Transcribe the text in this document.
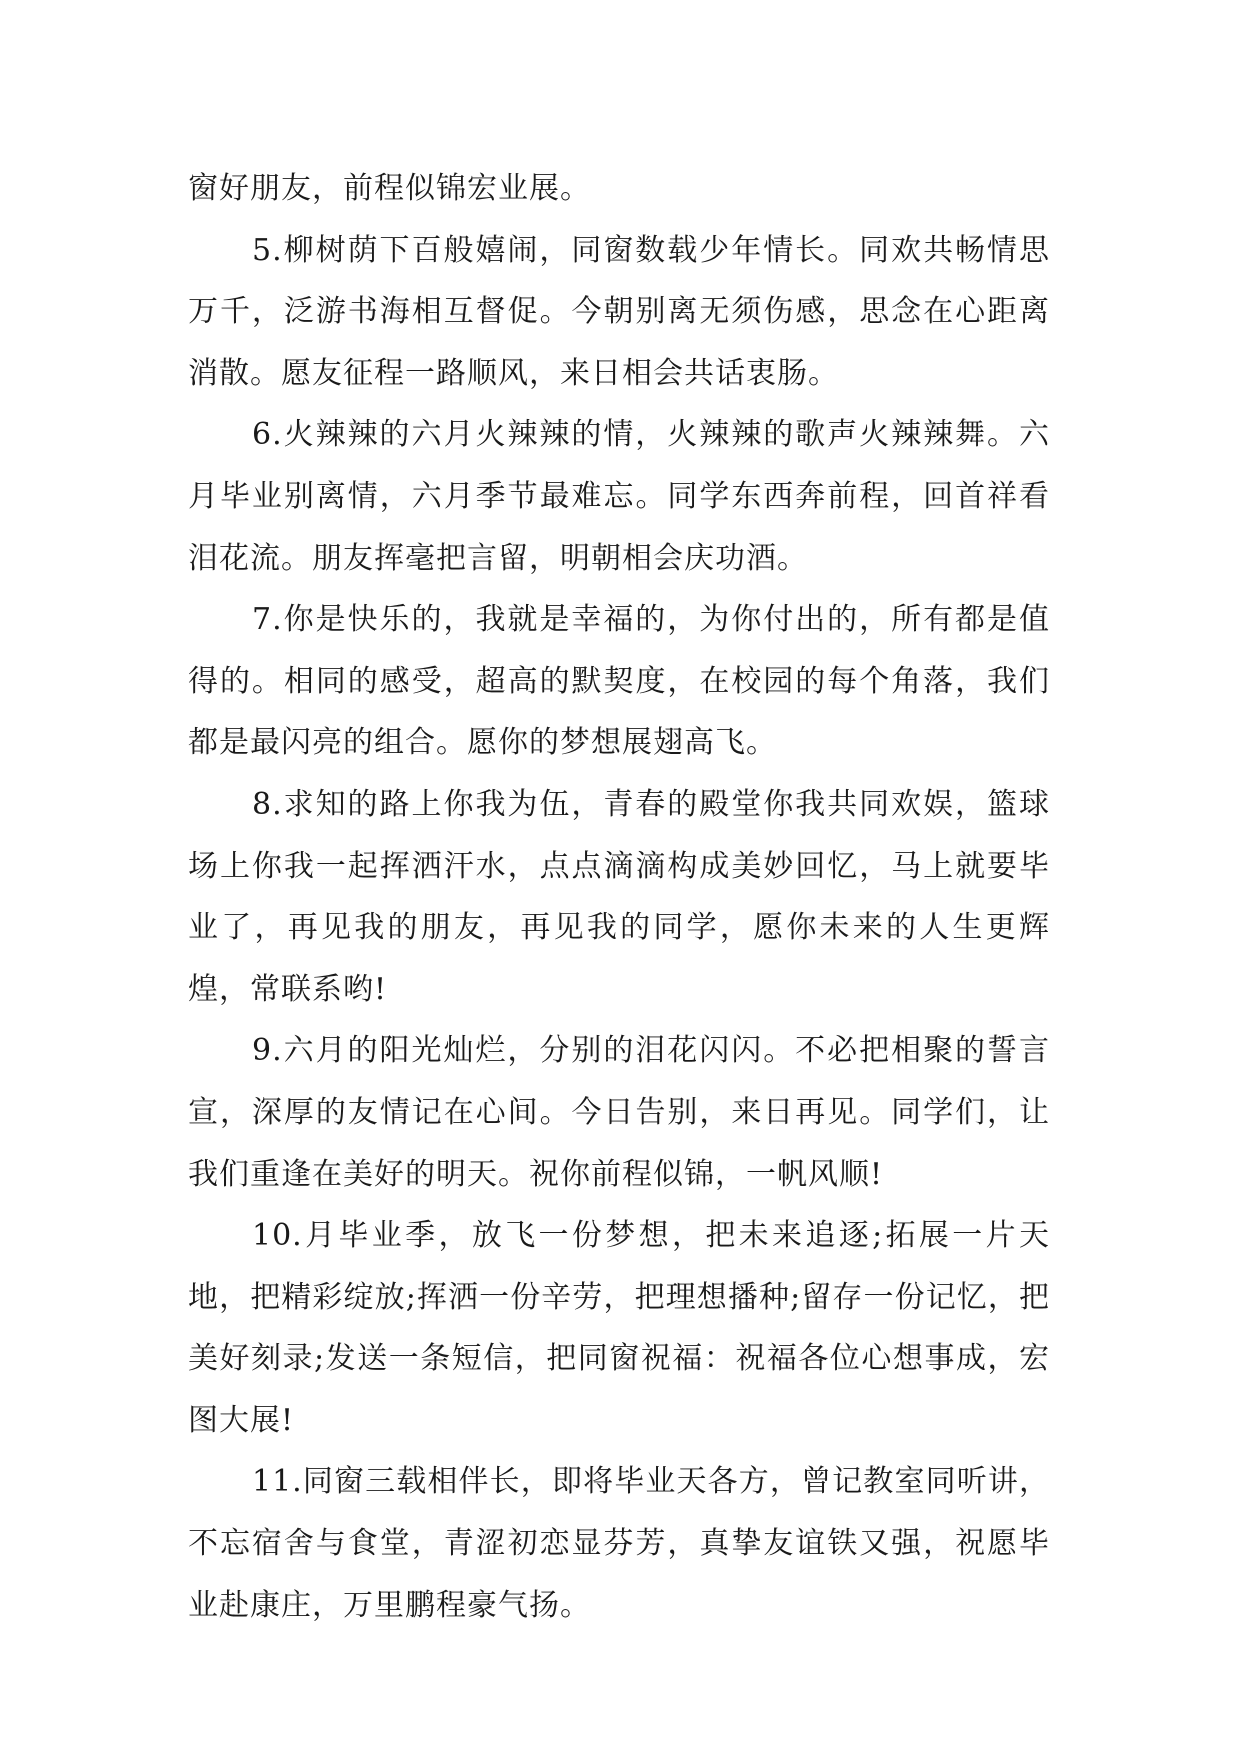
窗好朋友，前程似锦宏业展。

5.柳树荫下百般嬉闹，同窗数载少年情长。同欢共畅情思万千，泛游书海相互督促。今朝别离无须伤感，思念在心距离消散。愿友征程一路顺风，来日相会共话衷肠。

6.火辣辣的六月火辣辣的情，火辣辣的歌声火辣辣舞。六月毕业别离情，六月季节最难忘。同学东西奔前程，回首祥看泪花流。朋友挥毫把言留，明朝相会庆功酒。

7.你是快乐的，我就是幸福的，为你付出的，所有都是值得的。相同的感受，超高的默契度，在校园的每个角落，我们都是最闪亮的组合。愿你的梦想展翅高飞。

8.求知的路上你我为伍，青春的殿堂你我共同欢娱，篮球场上你我一起挥洒汗水，点点滴滴构成美妙回忆，马上就要毕业了，再见我的朋友，再见我的同学，愿你未来的人生更辉煌，常联系哟!

9.六月的阳光灿烂，分别的泪花闪闪。不必把相聚的誓言宣，深厚的友情记在心间。今日告别，来日再见。同学们，让我们重逢在美好的明天。祝你前程似锦，一帆风顺!

10.月毕业季，放飞一份梦想，把未来追逐;拓展一片天地，把精彩绽放;挥洒一份辛劳，把理想播种;留存一份记忆，把美好刻录;发送一条短信，把同窗祝福：祝福各位心想事成，宏图大展!

11.同窗三载相伴长，即将毕业天各方，曾记教室同听讲，不忘宿舍与食堂，青涩初恋显芬芳，真挚友谊铁又强，祝愿毕业赴康庄，万里鹏程豪气扬。
